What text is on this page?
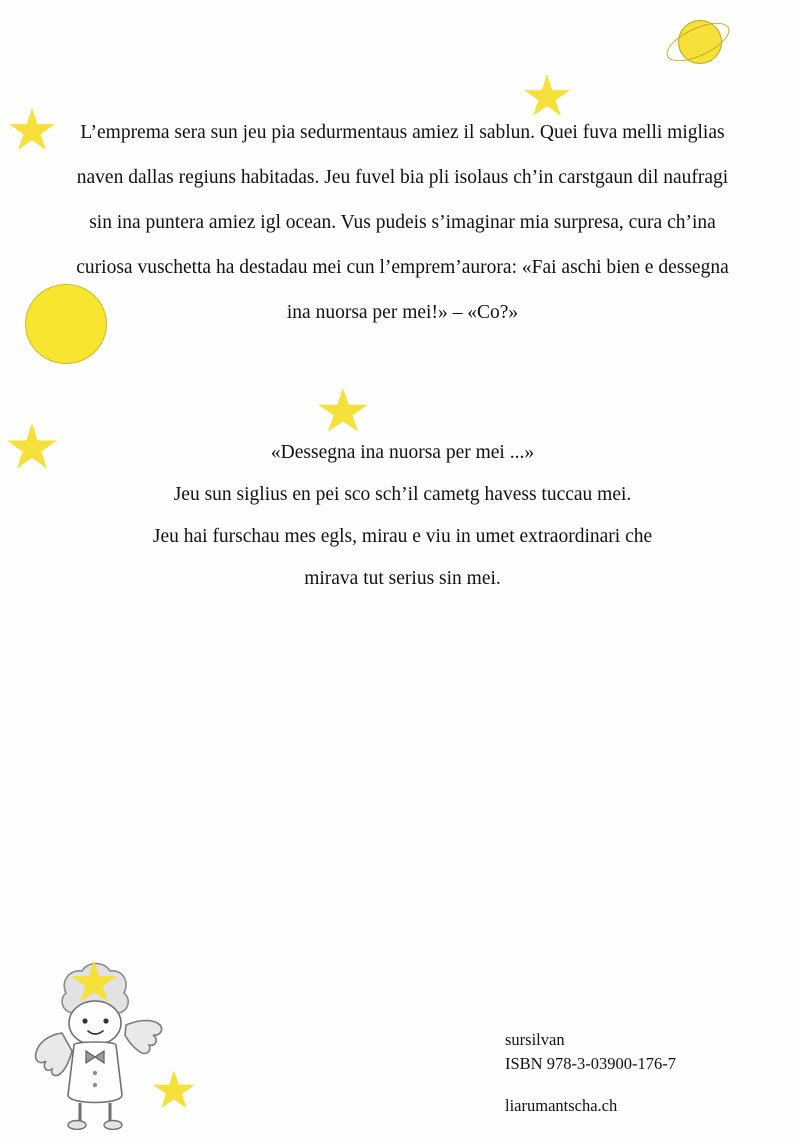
L’emprema sera sun jeu pia sedurmentaus amiez il sablun. Quei fuva melli miglias naven dallas regiuns habitadas. Jeu fuvel bia pli isolaus ch’in carstgaun dil naufragi sin ina puntera amiez igl ocean. Vus pudeis s’imaginar mia surpresa, cura ch’ina curiosa vuschetta ha destadau mei cun l’emprem’aurora: «Fai aschi bien e dessegna ina nuorsa per mei!» – «Co?»
«Dessegna ina nuorsa per mei ...»
Jeu sun siglius en pei sco sch’il cametg havess tuccau mei.
Jeu hai furschau mes egls, mirau e viu in umet extraordinari che
mirava tut serius sin mei.
sursilvan
ISBN 978-3-03900-176-7
liarumantscha.ch
